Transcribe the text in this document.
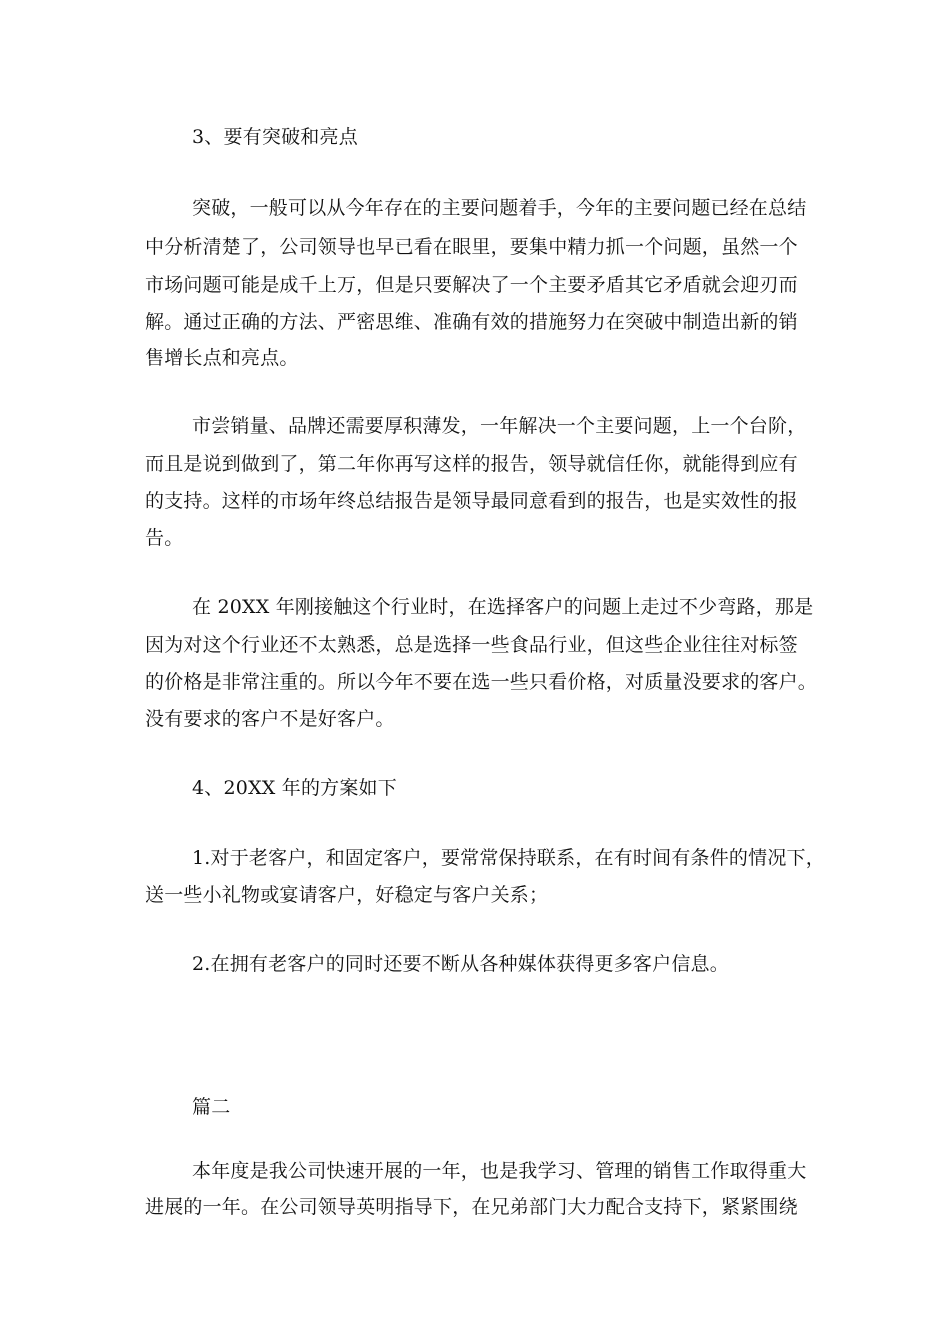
3、要有突破和亮点
突破，一般可以从今年存在的主要问题着手，今年的主要问题已经在总结
中分析清楚了，公司领导也早已看在眼里，要集中精力抓一个问题，虽然一个
市场问题可能是成千上万，但是只要解决了一个主要矛盾其它矛盾就会迎刃而
解。通过正确的方法、严密思维、准确有效的措施努力在突破中制造出新的销
售增长点和亮点。
市尝销量、品牌还需要厚积薄发，一年解决一个主要问题，上一个台阶，
而且是说到做到了，第二年你再写这样的报告，领导就信任你，就能得到应有
的支持。这样的市场年终总结报告是领导最同意看到的报告，也是实效性的报
告。
在 20XX 年刚接触这个行业时，在选择客户的问题上走过不少弯路，那是
因为对这个行业还不太熟悉，总是选择一些食品行业，但这些企业往往对标签
的价格是非常注重的。所以今年不要在选一些只看价格，对质量没要求的客户。
没有要求的客户不是好客户。
4、20XX 年的方案如下
1.对于老客户，和固定客户，要常常保持联系，在有时间有条件的情况下，
送一些小礼物或宴请客户，好稳定与客户关系；
2.在拥有老客户的同时还要不断从各种媒体获得更多客户信息。
篇二
本年度是我公司快速开展的一年，也是我学习、管理的销售工作取得重大
进展的一年。在公司领导英明指导下，在兄弟部门大力配合支持下，紧紧围绕
